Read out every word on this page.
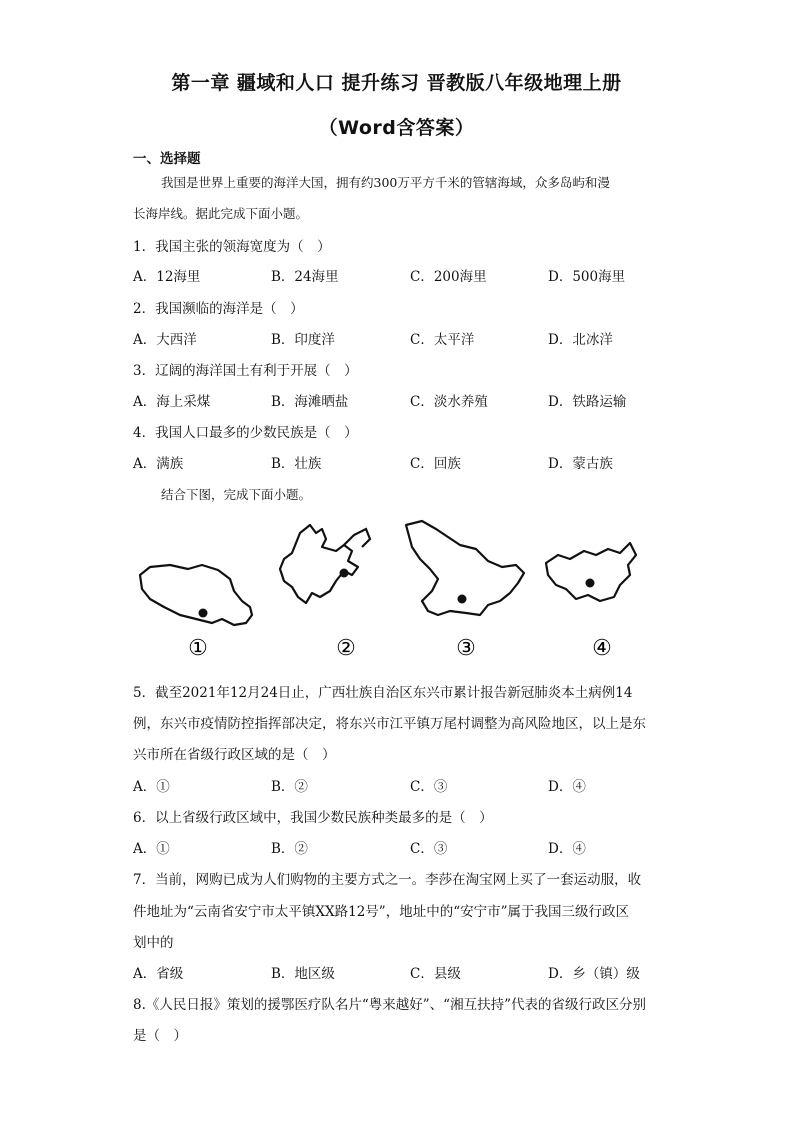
第一章 疆域和人口 提升练习 晋教版八年级地理上册
（Word含答案）
一、选择题
我国是世界上重要的海洋大国，拥有约300万平方千米的管辖海域，众多岛屿和漫
长海岸线。据此完成下面小题。
1．我国主张的领海宽度为（　）
A．12海里	B．24海里	C．200海里	D．500海里
2．我国濒临的海洋是（　）
A．大西洋	B．印度洋	C．太平洋	D．北冰洋
3．辽阔的海洋国土有利于开展（　）
A．海上采煤	B．海滩晒盐	C．淡水养殖	D．铁路运输
4．我国人口最多的少数民族是（　）
A．满族	B．壮族	C．回族	D．蒙古族
结合下图，完成下面小题。
①	②	③	④
5．截至2021年12月24日止，广西壮族自治区东兴市累计报告新冠肺炎本土病例14
例，东兴市疫情防控指挥部决定，将东兴市江平镇万尾村调整为高风险地区，以上是东
兴市所在省级行政区域的是（　）
A．①	B．②	C．③	D．④
6．以上省级行政区域中，我国少数民族种类最多的是（　）
A．①	B．②	C．③	D．④
7．当前，网购已成为人们购物的主要方式之一。李莎在淘宝网上买了一套运动服，收
件地址为“云南省安宁市太平镇XX路12号”，地址中的“安宁市”属于我国三级行政区
划中的
A．省级	B．地区级	C．县级	D．乡（镇）级
8.《人民日报》策划的援鄂医疗队名片“粤来越好”、“湘互扶持”代表的省级行政区分别
是（　）
